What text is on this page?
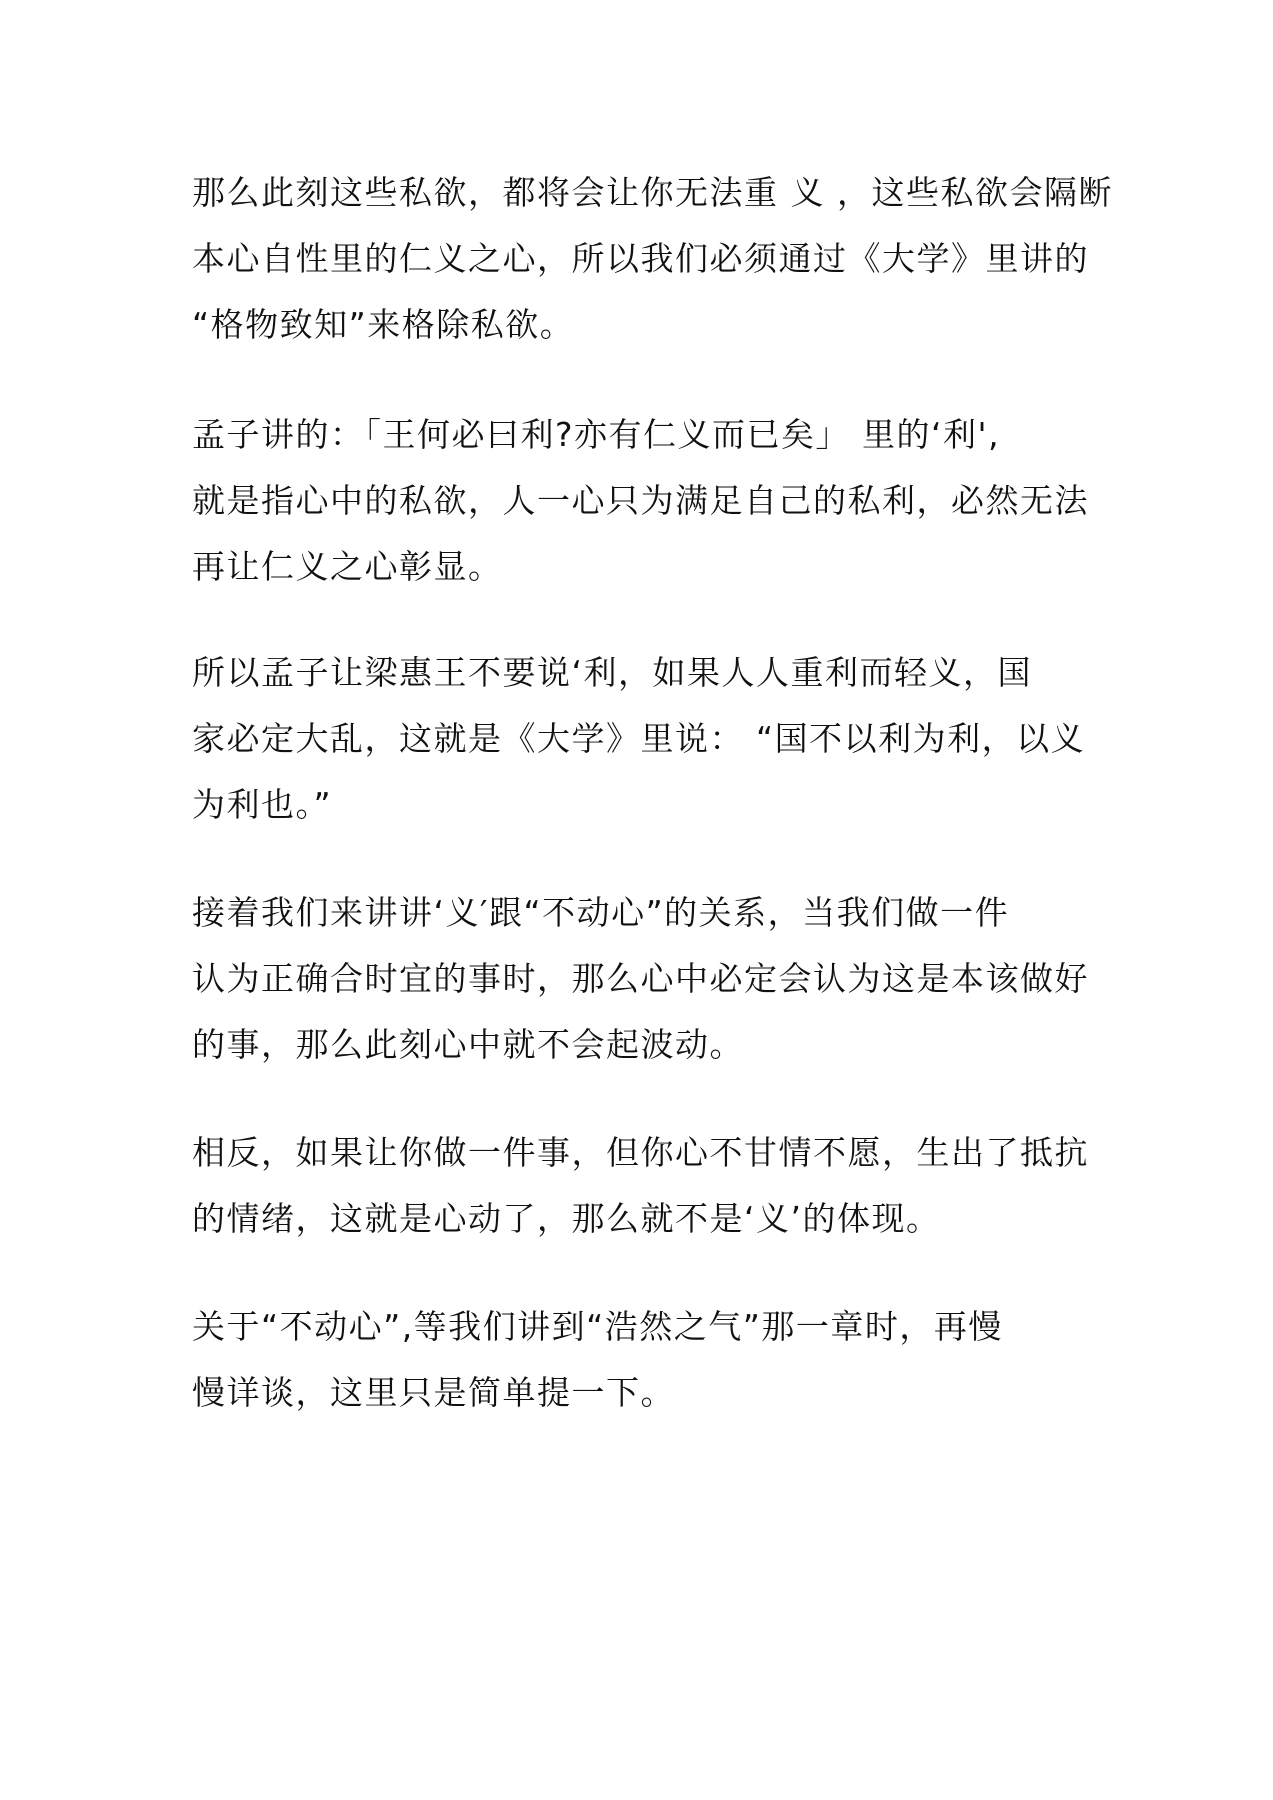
那么此刻这些私欲，都将会让你无法重 义 ，这些私欲会隔断
本心自性里的仁义之心，所以我们必须通过《大学》里讲的
“格物致知”来格除私欲。
孟子讲的：「王何必曰利?亦有仁义而已矣」 里的‘利',
就是指心中的私欲，人一心只为满足自己的私利，必然无法
再让仁义之心彰显。
所以孟子让梁惠王不要说‘利，如果人人重利而轻义，国
家必定大乱，这就是《大学》里说： “国不以利为利，以义
为利也。”
接着我们来讲讲‘义′跟“不动心”的关系，当我们做一件
认为正确合时宜的事时，那么心中必定会认为这是本该做好
的事，那么此刻心中就不会起波动。
相反，如果让你做一件事，但你心不甘情不愿，生出了抵抗
的情绪，这就是心动了，那么就不是‘义’的体现。
关于“不动心”,等我们讲到“浩然之气”那一章时，再慢
慢详谈，这里只是简单提一下。
